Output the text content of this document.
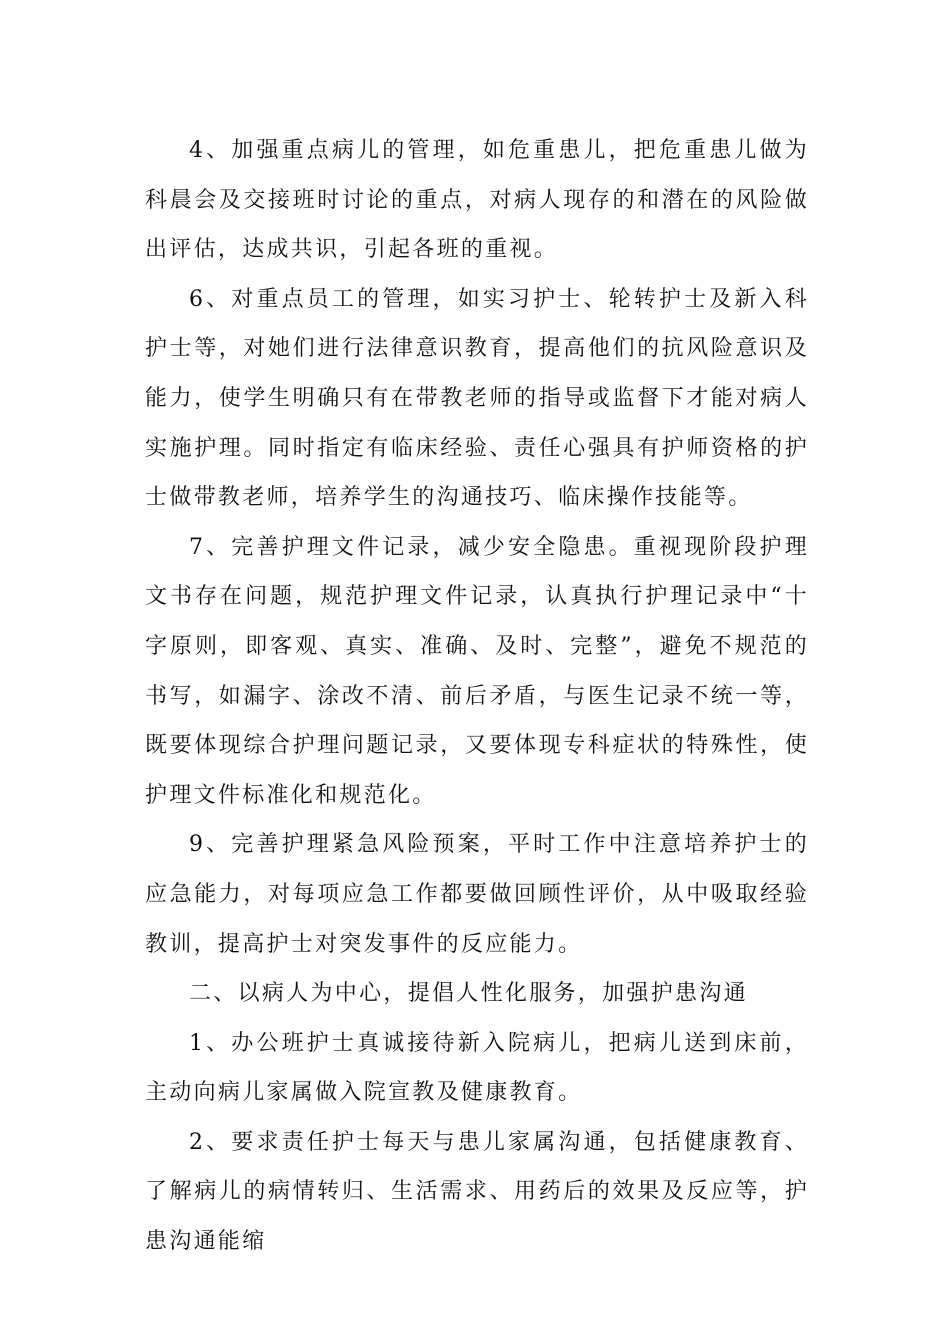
4、加强重点病儿的管理，如危重患儿，把危重患儿做为科晨会及交接班时讨论的重点，对病人现存的和潜在的风险做出评估，达成共识，引起各班的重视。

6、对重点员工的管理，如实习护士、轮转护士及新入科护士等，对她们进行法律意识教育，提高他们的抗风险意识及能力，使学生明确只有在带教老师的指导或监督下才能对病人实施护理。同时指定有临床经验、责任心强具有护师资格的护士做带教老师，培养学生的沟通技巧、临床操作技能等。

7、完善护理文件记录，减少安全隐患。重视现阶段护理文书存在问题，规范护理文件记录，认真执行护理记录中“十字原则，即客观、真实、准确、及时、完整”，避免不规范的书写，如漏字、涂改不清、前后矛盾，与医生记录不统一等，既要体现综合护理问题记录，又要体现专科症状的特殊性，使护理文件标准化和规范化。

9、完善护理紧急风险预案，平时工作中注意培养护士的应急能力，对每项应急工作都要做回顾性评价，从中吸取经验教训，提高护士对突发事件的反应能力。

二、以病人为中心，提倡人性化服务，加强护患沟通

1、办公班护士真诚接待新入院病儿，把病儿送到床前，主动向病儿家属做入院宣教及健康教育。

2、要求责任护士每天与患儿家属沟通，包括健康教育、了解病儿的病情转归、生活需求、用药后的效果及反应等，护患沟通能缩
